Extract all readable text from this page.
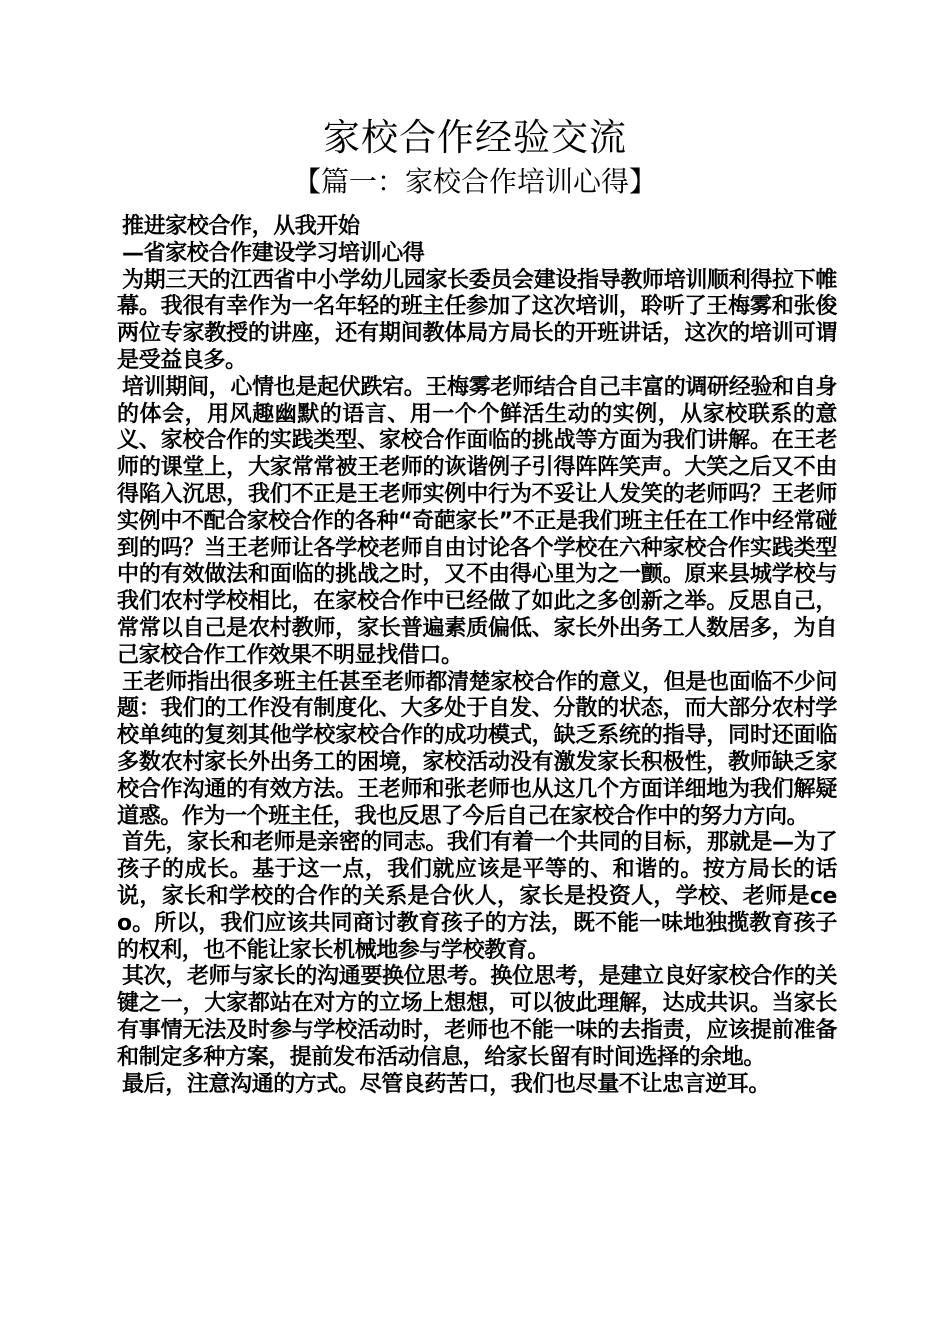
家校合作经验交流
【篇一：家校合作培训心得】

推进家校合作，从我开始

—省家校合作建设学习培训心得

为期三天的江西省中小学幼儿园家长委员会建设指导教师培训顺利得拉下帷幕。我很有幸作为一名年轻的班主任参加了这次培训，聆听了王梅雾和张俊两位专家教授的讲座，还有期间教体局方局长的开班讲话，这次的培训可谓是受益良多。

培训期间，心情也是起伏跌宕。王梅雾老师结合自己丰富的调研经验和自身的体会，用风趣幽默的语言、用一个个鲜活生动的实例，从家校联系的意义、家校合作的实践类型、家校合作面临的挑战等方面为我们讲解。在王老师的课堂上，大家常常被王老师的诙谐例子引得阵阵笑声。大笑之后又不由得陷入沉思，我们不正是王老师实例中行为不妥让人发笑的老师吗？王老师实例中不配合家校合作的各种“奇葩家长”不正是我们班主任在工作中经常碰到的吗？当王老师让各学校老师自由讨论各个学校在六种家校合作实践类型中的有效做法和面临的挑战之时，又不由得心里为之一颤。原来县城学校与我们农村学校相比，在家校合作中已经做了如此之多创新之举。反思自己，常常以自己是农村教师，家长普遍素质偏低、家长外出务工人数居多，为自己家校合作工作效果不明显找借口。

王老师指出很多班主任甚至老师都清楚家校合作的意义，但是也面临不少问题：我们的工作没有制度化、大多处于自发、分散的状态，而大部分农村学校单纯的复刻其他学校家校合作的成功模式，缺乏系统的指导，同时还面临多数农村家长外出务工的困境，家校活动没有激发家长积极性，教师缺乏家校合作沟通的有效方法。王老师和张老师也从这几个方面详细地为我们解疑道惑。作为一个班主任，我也反思了今后自己在家校合作中的努力方向。

首先，家长和老师是亲密的同志。我们有着一个共同的目标，那就是—为了孩子的成长。基于这一点，我们就应该是平等的、和谐的。按方局长的话说，家长和学校的合作的关系是合伙人，家长是投资人，学校、老师是ceo。所以，我们应该共同商讨教育孩子的方法，既不能一味地独揽教育孩子的权利，也不能让家长机械地参与学校教育。

其次，老师与家长的沟通要换位思考。换位思考，是建立良好家校合作的关键之一，大家都站在对方的立场上想想，可以彼此理解，达成共识。当家长有事情无法及时参与学校活动时，老师也不能一味的去指责，应该提前准备和制定多种方案，提前发布活动信息，给家长留有时间选择的余地。

最后，注意沟通的方式。尽管良药苦口，我们也尽量不让忠言逆耳。
